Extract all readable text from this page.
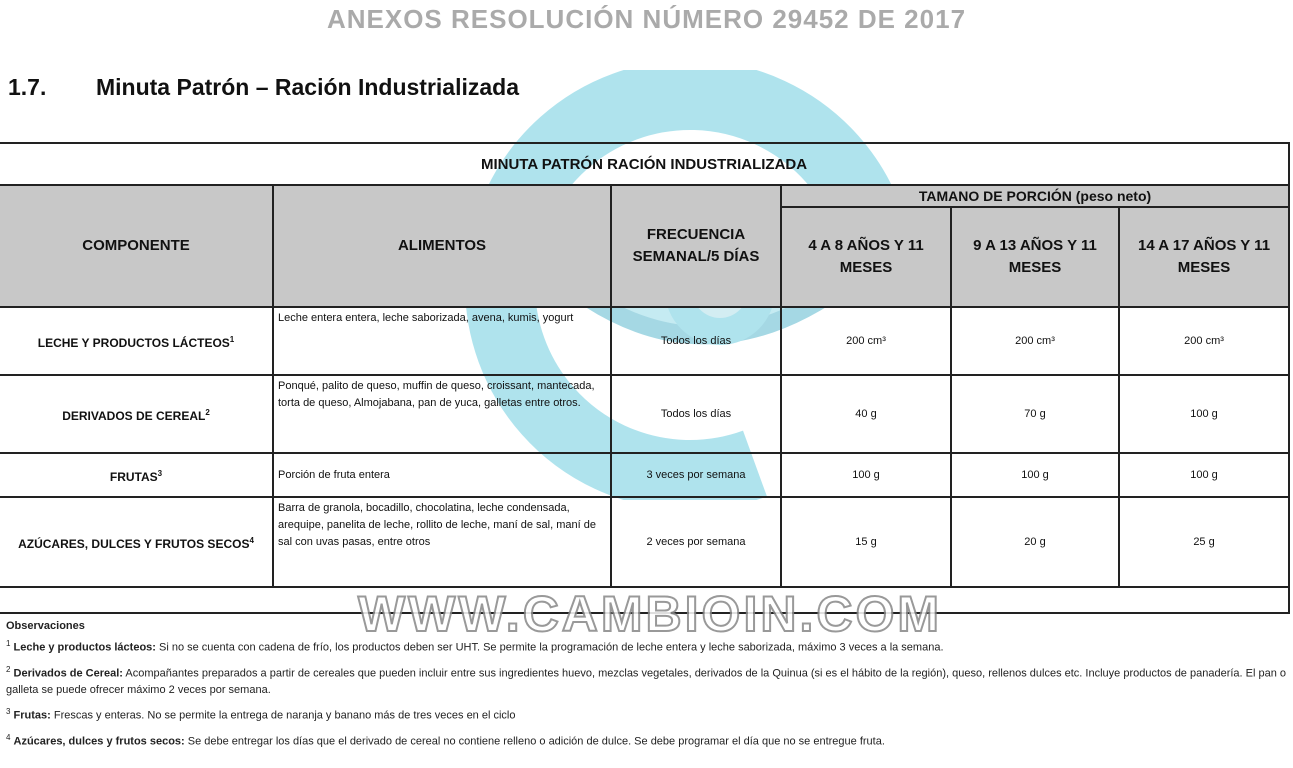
ANEXOS RESOLUCIÓN NÚMERO 29452 DE 2017
1.7. Minuta Patrón – Ración Industrializada
MINUTA PATRÓN RACIÓN INDUSTRIALIZADA					
COMPONENTE	ALIMENTOS	FRECUENCIA SEMANAL/5 DÍAS	TAMANO DE PORCIÓN (peso neto)		
			4 A 8 AÑOS Y 11 MESES	9 A 13 AÑOS Y 11 MESES	14 A 17 AÑOS Y 11 MESES
LECHE Y PRODUCTOS LÁCTEOS$^1$	Leche entera entera, leche saborizada, avena, kumis, yogurt	Todos los días	200 cm³	200 cm³	200 cm³
DERIVADOS DE CEREAL$^2$	Ponqué, palito de queso, muffin de queso, croissant, mantecada, torta de queso, Almojabana, pan de yuca, galletas entre otros.	Todos los días	40 g	70 g	100 g
FRUTAS$^3$	Porción de fruta entera	3 veces por semana	100 g	100 g	100 g
AZÚCARES, DULCES Y FRUTOS SECOS$^4$	Barra de granola, bocadillo, chocolatina, leche condensada, arequipe, panelita de leche, rollito de leche, maní de sal, maní de sal con uvas pasas, entre otros	2 veces por semana	15 g	20 g	25 g

WWW.CAMBIOIN.COM

Observaciones

$^1$ Leche y productos lácteos: Si no se cuenta con cadena de frío, los productos deben ser UHT. Se permite la programación de leche entera y leche saborizada, máximo 3 veces a la semana.

$^2$ Derivados de Cereal: Acompañantes preparados a partir de cereales que pueden incluir entre sus ingredientes huevo, mezclas vegetales, derivados de la Quinua (si es el hábito de la región), queso, rellenos dulces etc. Incluye productos de panadería. El pan o galleta se puede ofrecer máximo 2 veces por semana.

$^3$ Frutas: Frescas y enteras. No se permite la entrega de naranja y banano más de tres veces en el ciclo

$^4$ Azúcares, dulces y frutos secos: Se debe entregar los días que el derivado de cereal no contiene relleno o adición de dulce. Se debe programar el día que no se entregue fruta.
